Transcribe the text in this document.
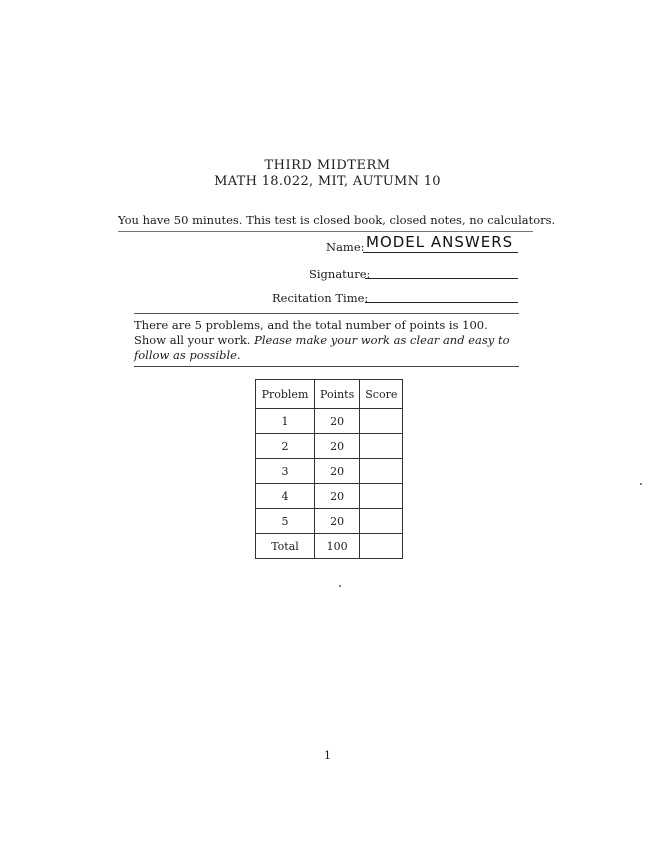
THIRD MIDTERM
MATH 18.022, MIT, AUTUMN 10
You have 50 minutes. This test is closed book, closed notes, no calculators.
Name: MODEL ANSWERS
Signature:
Recitation Time:
There are 5 problems, and the total number of points is 100. Show all your work. Please make your work as clear and easy to follow as possible.
Problem	Points	Score
1	20	
2	20	
3	20	
4	20	
5	20	
Total	100	
1
